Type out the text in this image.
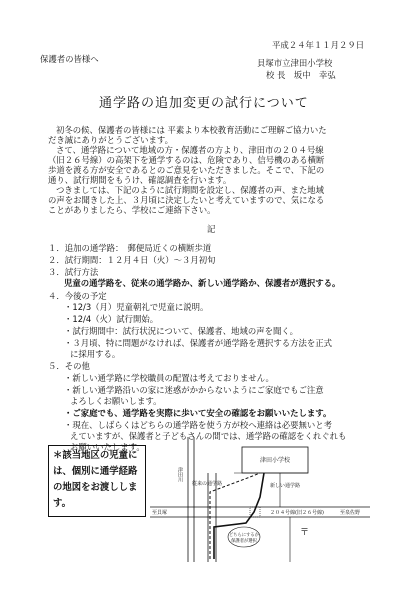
平成２４年１１月２９日
保護者の皆様へ	貝塚市立津田小学校
校 長　坂中　幸弘
通学路の追加変更の試行について
初冬の候、保護者の皆様には 平素より本校教育活動にご理解ご協力いた
だき誠にありがとうございます。
さて、通学路について地域の方・保護者の方より、津田市の２０４号線
（旧２６号線）の高架下を通学するのは、危険であり、信号機のある横断
歩道を渡る方が安全であるとのご意見をいただきました。そこで、下記の
通り、試行期間をもうけ、確認調査を行います。
つきましては、下記のように試行期間を設定し、保護者の声、また地域
の声をお聞きした上、３月頃に決定したいと考えていますので、気になる
ことがありましたら、学校にご連絡下さい。
記
１．追加の通学路：　郵便局近くの横断歩道
２．試行期間：１２月４日（火）～３月初旬
３．試行方法
児童の通学路を、従来の通学路か、新しい通学路か、保護者が選択する。
４．今後の予定
・12/3（月）児童朝礼で児童に説明。
・12/4（火）試行開始。
・試行期間中：試行状況について、保護者、地域の声を聞く。
・３月頃、特に問題がなければ、保護者が通学路を選択する方法を正式
に採用する。
５．その他
・新しい通学路に学校職員の配置は考えておりません。
・新しい通学路沿いの家に迷惑がかからないようにご家庭でもご注意
よろしくお願いします。
・ご家庭でも、通学路を実際に歩いて安全の確認をお願いいたします。
・現在、しばらくはどちらの通学路を使う方が校へ連絡は必要無いと考
えていますが、保護者と子どもさんの間では、通学路の確認をくれぐれも
お願いいたします。
＊該当地区の児童に
は、個別に通学経路
の地図をお渡ししま
す。
津田小学校
津田川
２０４号線(旧２６号線)
至貝塚	至泉佐野
従来の通学路	新しい通学路
〒
どちらにするか
保護者が選択
